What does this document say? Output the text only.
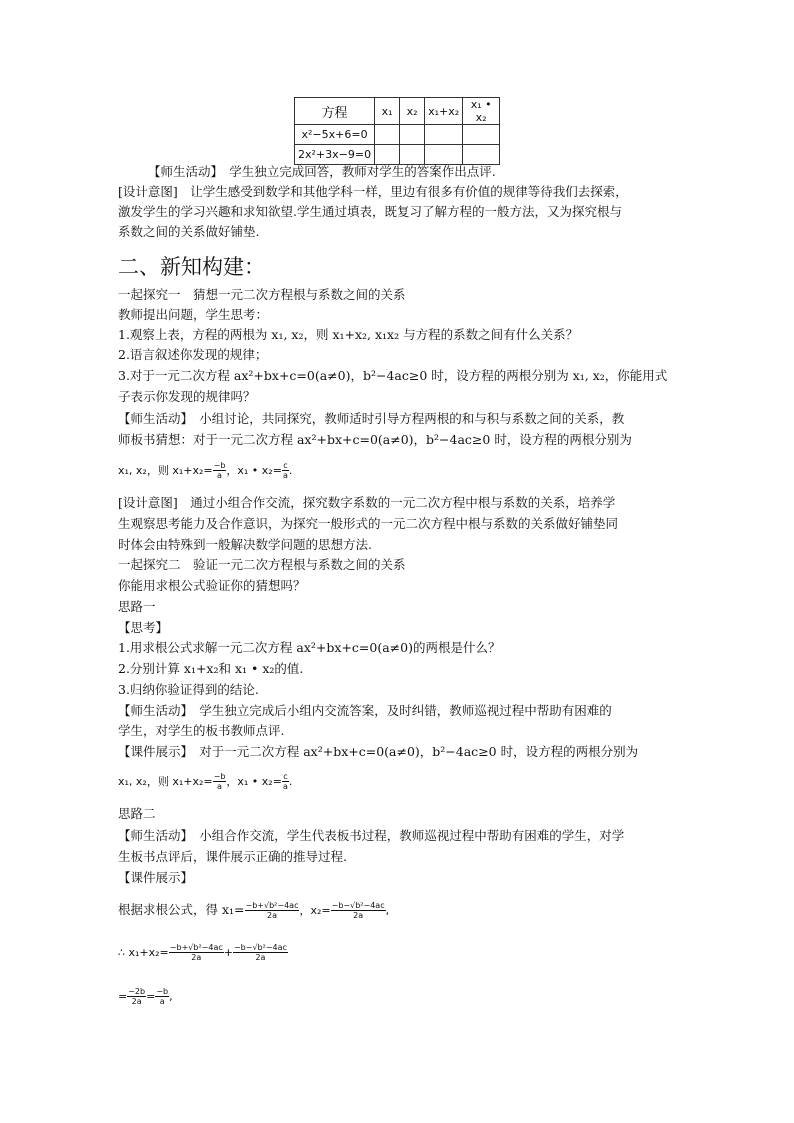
方程	x₁	x₂	x₁+x₂	x₁ • x₂
x²−5x+6=0				
2x²+3x−9=0				
【师生活动】　学生独立完成回答，教师对学生的答案作出点评.
[设计意图]　让学生感受到数学和其他学科一样，里边有很多有价值的规律等待我们去探索，
激发学生的学习兴趣和求知欲望.学生通过填表，既复习了解方程的一般方法，又为探究根与
系数之间的关系做好铺垫.
二、新知构建：
一起探究一　猜想一元二次方程根与系数之间的关系
教师提出问题，学生思考：
1.观察上表，方程的两根为 x₁, x₂，则 x₁+x₂, x₁x₂ 与方程的系数之间有什么关系？
2.语言叙述你发现的规律；
3.对于一元二次方程 ax²+bx+c=0(a≠0)，b²−4ac≥0 时，设方程的两根分别为 x₁, x₂，你能用式
子表示你发现的规律吗？
【师生活动】　小组讨论，共同探究，教师适时引导方程两根的和与积与系数之间的关系，教
师板书猜想：对于一元二次方程 ax²+bx+c=0(a≠0)，b²−4ac≥0 时，设方程的两根分别为
x₁, x₂，则 $x_1+x_2= \frac{-b}{a}$ ，x₁ • $x_2= \frac{c}{a}$ .
[设计意图]　通过小组合作交流，探究数字系数的一元二次方程中根与系数的关系，培养学
生观察思考能力及合作意识，为探究一般形式的一元二次方程中根与系数的关系做好铺垫同
时体会由特殊到一般解决数学问题的思想方法.
一起探究二　验证一元二次方程根与系数之间的关系
你能用求根公式验证你的猜想吗？
思路一
【思考】
1.用求根公式求解一元二次方程 ax²+bx+c=0(a≠0)的两根是什么？
2.分别计算 x₁+x₂和 x₁ • x₂的值.
3.归纳你验证得到的结论.
【师生活动】　学生独立完成后小组内交流答案，及时纠错，教师巡视过程中帮助有困难的
学生，对学生的板书教师点评.
【课件展示】　对于一元二次方程 ax²+bx+c=0(a≠0)，b²−4ac≥0 时，设方程的两根分别为
x₁, x₂，则 $x_1+x_2= \frac{-b}{a}$ ，x₁ • $x_2= \frac{c}{a}$ .
思路二
【师生活动】　小组合作交流，学生代表板书过程，教师巡视过程中帮助有困难的学生，对学
生板书点评后，课件展示正确的推导过程.
【课件展示】
根据求根公式，得 $x_1= \frac{\text{−b+√b²−4ac}}{2a}$ ，$x_2= \frac{\text{−b−√b²−4ac}}{2a}$ ,
∴ $x_1+x_2= \frac{\text{−b+√b²−4ac}}{2a} + \frac{\text{−b−√b²−4ac}}{2a}$
= $\frac{-2b}{2a} = \frac{-b}{a}$ ,
